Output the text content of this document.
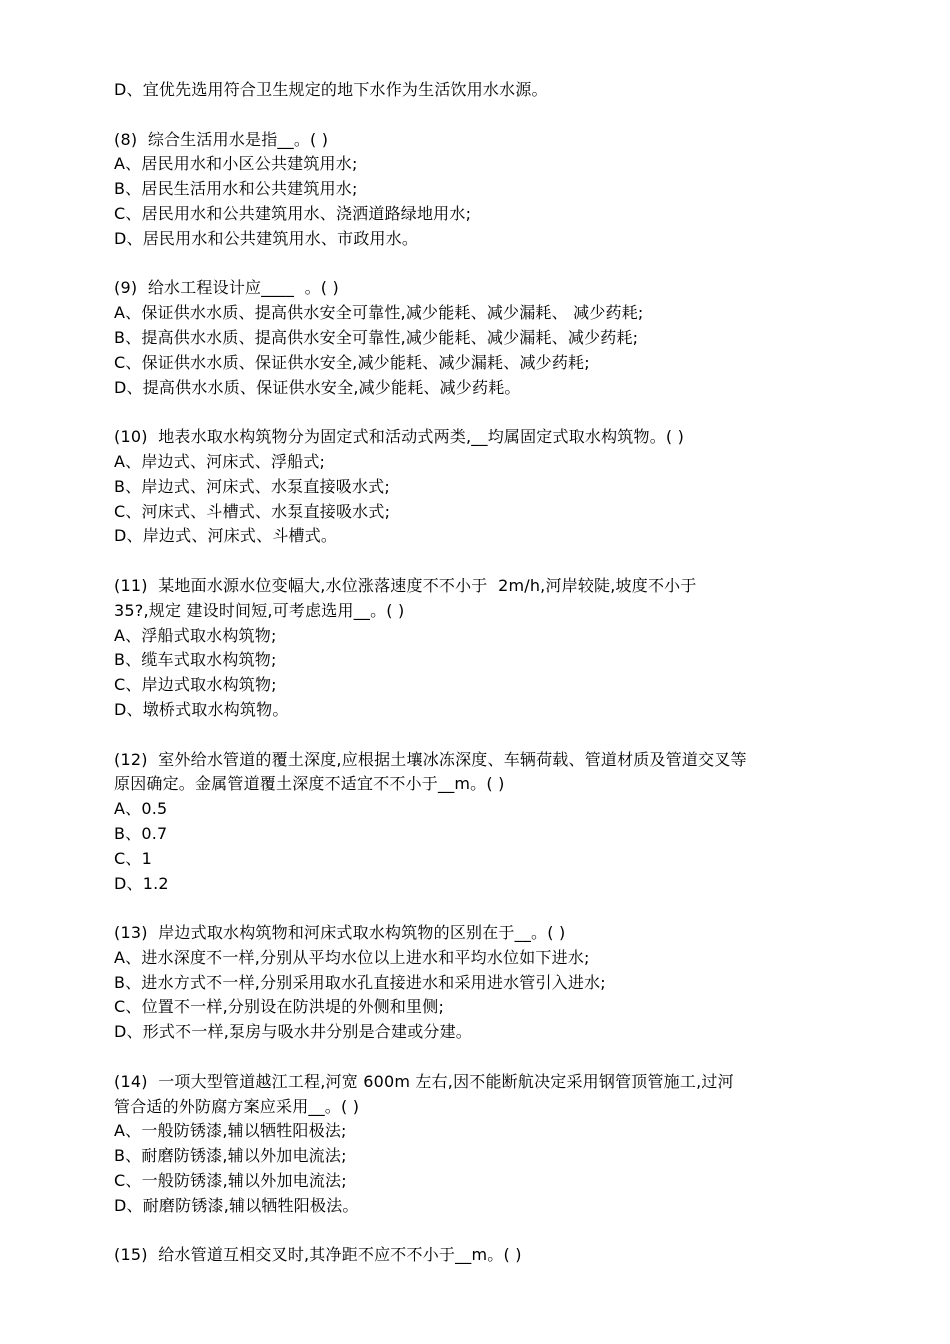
D、宜优先选用符合卫生规定的地下水作为生活饮用水水源。
(8)  综合生活用水是指__。( )
A、居民用水和小区公共建筑用水;
B、居民生活用水和公共建筑用水;
C、居民用水和公共建筑用水、浇洒道路绿地用水;
D、居民用水和公共建筑用水、市政用水。
(9)  给水工程设计应____  。( )
A、保证供水水质、提高供水安全可靠性,减少能耗、减少漏耗、 减少药耗;
B、提高供水水质、提高供水安全可靠性,减少能耗、减少漏耗、减少药耗;
C、保证供水水质、保证供水安全,减少能耗、减少漏耗、减少药耗;
D、提高供水水质、保证供水安全,减少能耗、减少药耗。
(10)  地表水取水构筑物分为固定式和活动式两类,__均属固定式取水构筑物。( )
A、岸边式、河床式、浮船式;
B、岸边式、河床式、水泵直接吸水式;
C、河床式、斗槽式、水泵直接吸水式;
D、岸边式、河床式、斗槽式。
(11)  某地面水源水位变幅大,水位涨落速度不不小于  2m/h,河岸较陡,坡度不小于
35?,规定 建设时间短,可考虑选用__。( )
A、浮船式取水构筑物;
B、缆车式取水构筑物;
C、岸边式取水构筑物;
D、墩桥式取水构筑物。
(12)  室外给水管道的覆土深度,应根据土壤冰冻深度、车辆荷载、管道材质及管道交叉等
原因确定。金属管道覆土深度不适宜不不小于__m。( )
A、0.5
B、0.7
C、1
D、1.2
(13)  岸边式取水构筑物和河床式取水构筑物的区别在于__。( )
A、进水深度不一样,分别从平均水位以上进水和平均水位如下进水;
B、进水方式不一样,分别采用取水孔直接进水和采用进水管引入进水;
C、位置不一样,分别设在防洪堤的外侧和里侧;
D、形式不一样,泵房与吸水井分别是合建或分建。
(14)  一项大型管道越江工程,河宽 600m 左右,因不能断航决定采用钢管顶管施工,过河
管合适的外防腐方案应采用__。( )
A、一般防锈漆,辅以牺牲阳极法;
B、耐磨防锈漆,辅以外加电流法;
C、一般防锈漆,辅以外加电流法;
D、耐磨防锈漆,辅以牺牲阳极法。
(15)  给水管道互相交叉时,其净距不应不不小于__m。( )
